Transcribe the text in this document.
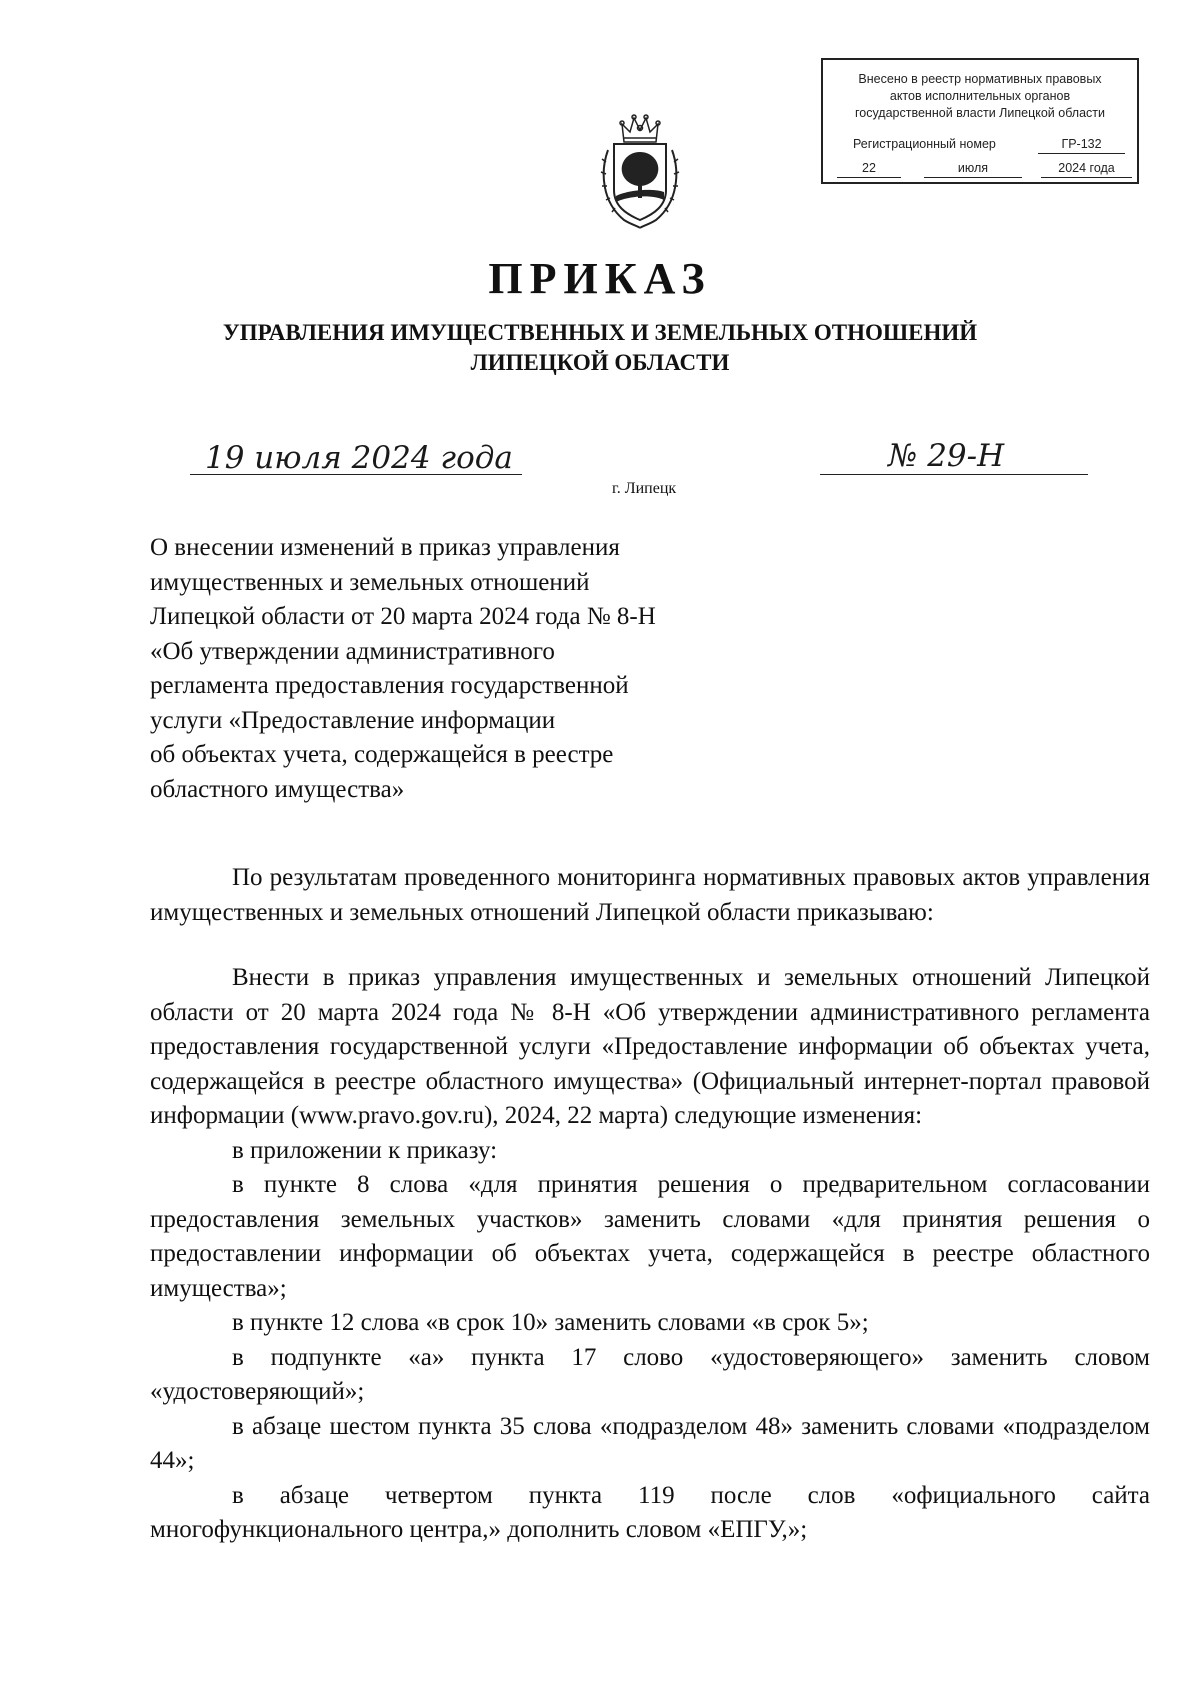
Внесено в реестр нормативных правовых
актов исполнительных органов
государственной власти Липецкой области
Регистрационный номер	ГР-132
22	июля	2024 года
ПРИКАЗ
УПРАВЛЕНИЯ ИМУЩЕСТВЕННЫХ И ЗЕМЕЛЬНЫХ ОТНОШЕНИЙ
ЛИПЕЦКОЙ ОБЛАСТИ
19 июля 2024 года	№ 29-Н
г. Липецк
О внесении изменений в приказ управления
имущественных и земельных отношений
Липецкой области от 20 марта 2024 года № 8-Н
«Об утверждении административного
регламента предоставления государственной
услуги «Предоставление информации
об объектах учета, содержащейся в реестре
областного имущества»

По результатам проведенного мониторинга нормативных правовых актов управления имущественных и земельных отношений Липецкой области приказываю:

Внести в приказ управления имущественных и земельных отношений Липецкой области от 20 марта 2024 года № 8-Н «Об утверждении административного регламента предоставления государственной услуги «Предоставление информации об объектах учета, содержащейся в реестре областного имущества» (Официальный интернет-портал правовой информации (www.pravo.gov.ru), 2024, 22 марта) следующие изменения:

в приложении к приказу:

в пункте 8 слова «для принятия решения о предварительном согласовании предоставления земельных участков» заменить словами «для принятия решения о предоставлении информации об объектах учета, содержащейся в реестре областного имущества»;

в пункте 12 слова «в срок 10» заменить словами «в срок 5»;

в подпункте «а» пункта 17 слово «удостоверяющего» заменить словом «удостоверяющий»;

в абзаце шестом пункта 35 слова «подразделом 48» заменить словами «подразделом 44»;

в абзаце четвертом пункта 119 после слов «официального сайта многофункционального центра,» дополнить словом «ЕПГУ,»;
